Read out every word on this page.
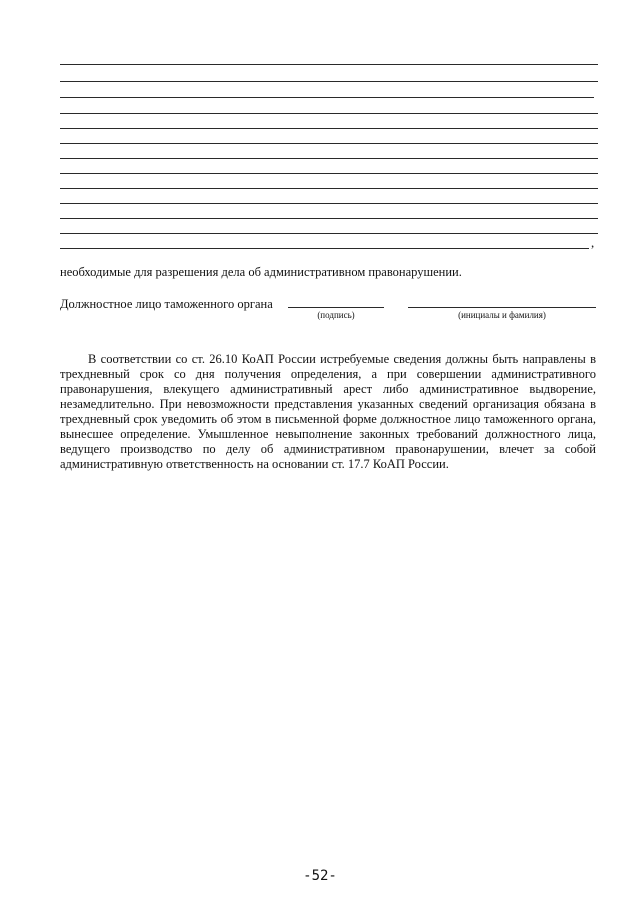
,
необходимые для разрешения дела об административном правонарушении.
Должностное лицо таможенного органа
(подпись)	(инициалы и фамилия)

В соответствии со ст. 26.10 КоАП России истребуемые сведения должны быть направлены в трехдневный срок со дня получения определения, а при совершении административного правонарушения, влекущего административный арест либо административное выдворение, незамедлительно. При невозможности представления указанных сведений организация обязана в трехдневный срок уведомить об этом в письменной форме должностное лицо таможенного органа, вынесшее определение. Умышленное невыполнение законных требований должностного лица, ведущего производство по делу об административном правонарушении, влечет за собой административную ответственность на основании ст. 17.7 КоАП России.

-52-
